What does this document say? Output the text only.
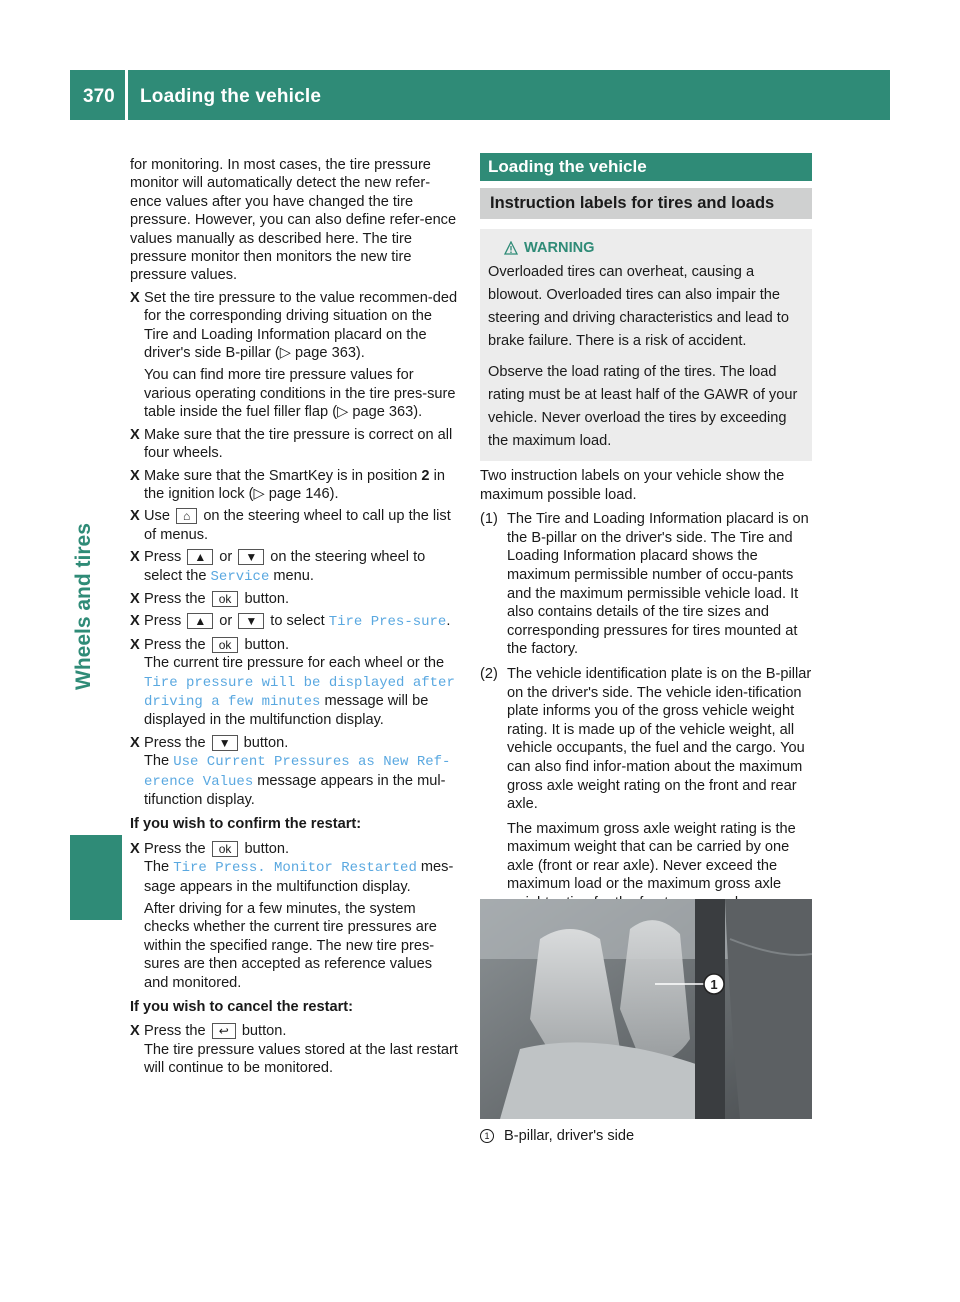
370 Loading the vehicle
Wheels and tires

for monitoring. In most cases, the tire pressure monitor will automatically detect the new refer-ence values after you have changed the tire pressure. However, you can also define refer-ence values manually as described here. The tire pressure monitor then monitors the new tire pressure values.

X Set the tire pressure to the value recommen-ded for the corresponding driving situation on the Tire and Loading Information placard on the driver's side B-pillar (▷ page 363).

You can find more tire pressure values for various operating conditions in the tire pres-sure table inside the fuel filler flap (▷ page 363).

X Make sure that the tire pressure is correct on all four wheels.

X Make sure that the SmartKey is in position 2 in the ignition lock (▷ page 146).

X Use ⌂ on the steering wheel to call up the list of menus.

X Press ▲ or ▼ on the steering wheel to select the Service menu.

X Press the ok button.

X Press ▲ or ▼ to select Tire Pres‐sure.

X Press the ok button.
The current tire pressure for each wheel or the Tire pressure will be displayed after driving a few minutes message will be displayed in the multifunction display.

X Press the ▼ button.
The Use Current Pressures as New Ref‐erence Values message appears in the mul-tifunction display.

If you wish to confirm the restart:

X Press the ok button.
The Tire Press. Monitor Restarted mes-sage appears in the multifunction display.

After driving for a few minutes, the system checks whether the current tire pressures are within the specified range. The new tire pres-sures are then accepted as reference values and monitored.

If you wish to cancel the restart:

X Press the ↩ button.
The tire pressure values stored at the last restart will continue to be monitored.

Loading the vehicle
Instruction labels for tires and loads
WARNING

Overloaded tires can overheat, causing a blowout. Overloaded tires can also impair the steering and driving characteristics and lead to brake failure. There is a risk of accident.

Observe the load rating of the tires. The load rating must be at least half of the GAWR of your vehicle. Never overload the tires by exceeding the maximum load.

Two instruction labels on your vehicle show the maximum possible load.

(1) The Tire and Loading Information placard is on the B-pillar on the driver's side. The Tire and Loading Information placard shows the maximum permissible number of occu-pants and the maximum permissible vehicle load. It also contains details of the tire sizes and corresponding pressures for tires mounted at the factory.

(2) The vehicle identification plate is on the B-pillar on the driver's side. The vehicle iden-tification plate informs you of the gross vehicle weight rating. It is made up of the vehicle weight, all vehicle occupants, the fuel and the cargo. You can also find infor-mation about the maximum gross axle weight rating on the front and rear axle.

The maximum gross axle weight rating is the maximum weight that can be carried by one axle (front or rear axle). Never exceed the maximum load or the maximum gross axle

1
1 B-pillar, driver's side
